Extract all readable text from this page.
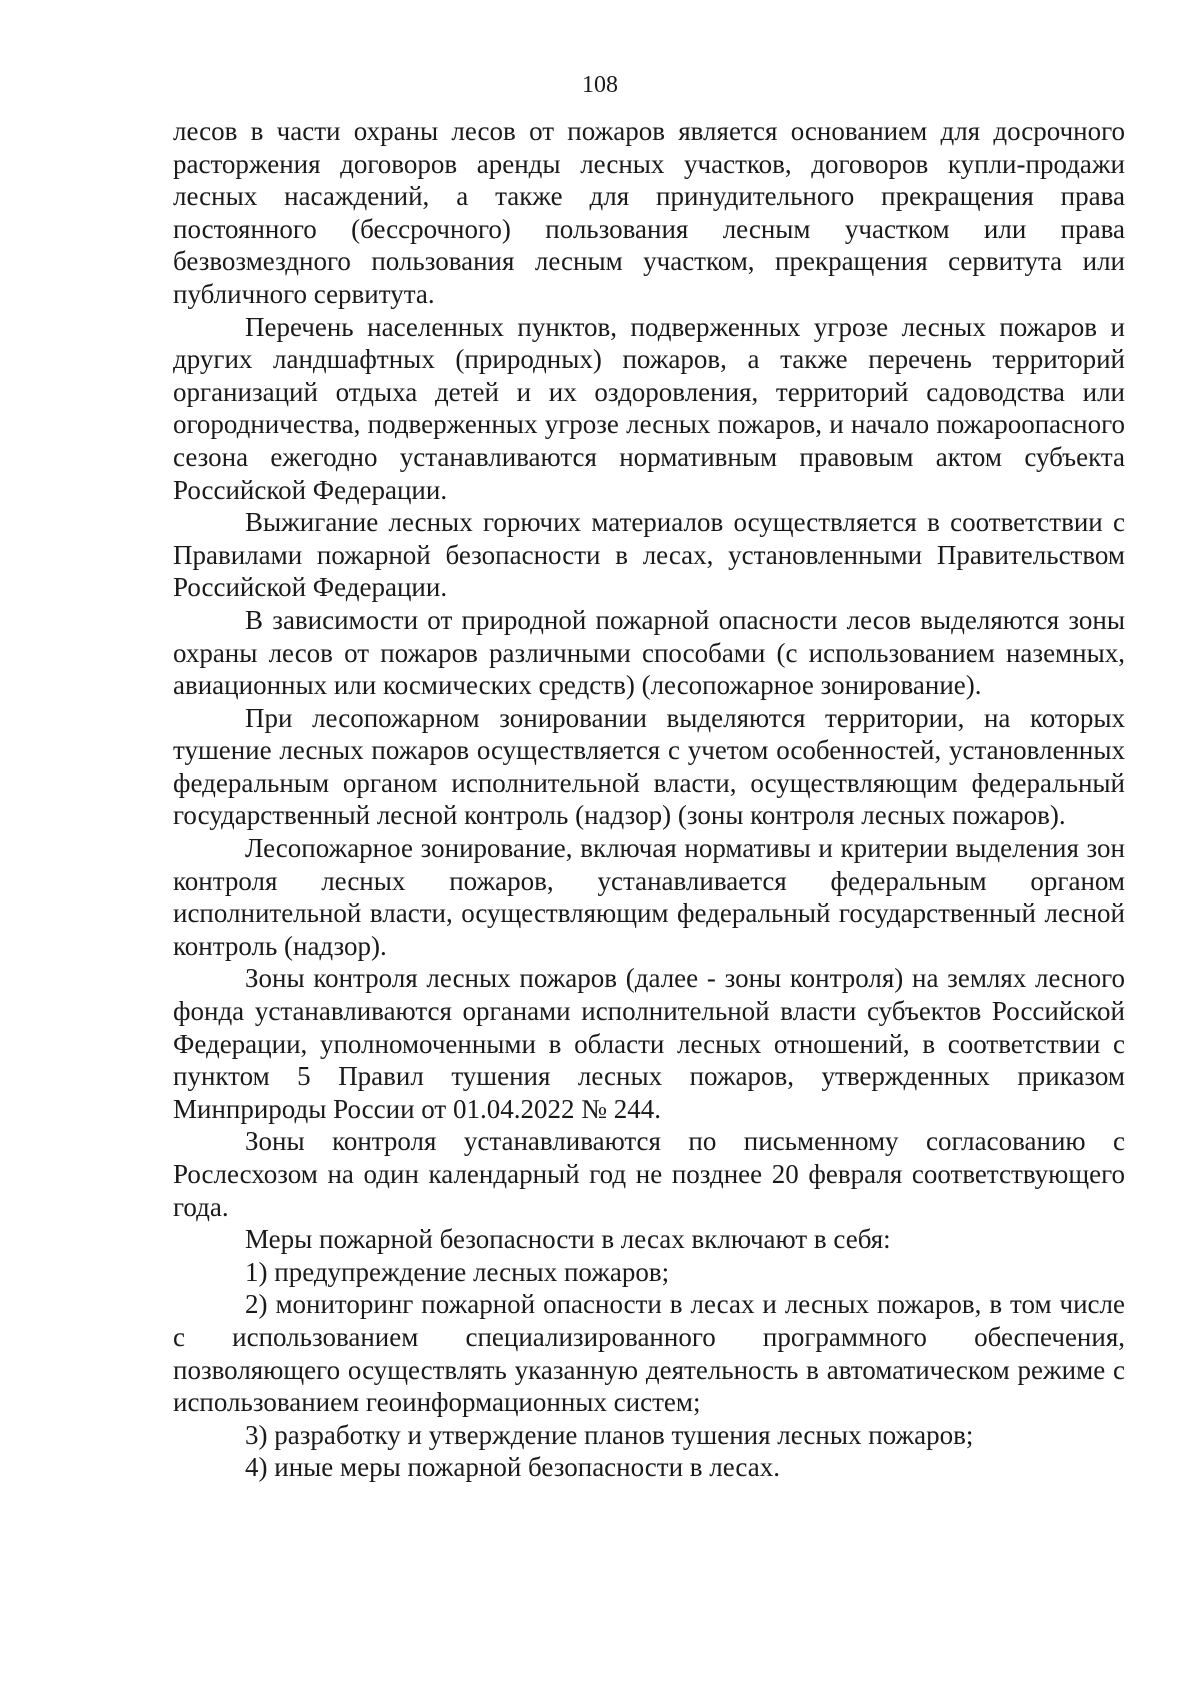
108

лесов в части охраны лесов от пожаров является основанием для досрочного расторжения договоров аренды лесных участков, договоров купли-продажи лесных насаждений, а также для принудительного прекращения права постоянного (бессрочного) пользования лесным участком или права безвозмездного пользования лесным участком, прекращения сервитута или публичного сервитута.

Перечень населенных пунктов, подверженных угрозе лесных пожаров и других ландшафтных (природных) пожаров, а также перечень территорий организаций отдыха детей и их оздоровления, территорий садоводства или огородничества, подверженных угрозе лесных пожаров, и начало пожароопасного сезона ежегодно устанавливаются нормативным правовым актом субъекта Российской Федерации.

Выжигание лесных горючих материалов осуществляется в соответствии с Правилами пожарной безопасности в лесах, установленными Правительством Российской Федерации.

В зависимости от природной пожарной опасности лесов выделяются зоны охраны лесов от пожаров различными способами (с использованием наземных, авиационных или космических средств) (лесопожарное зонирование).

При лесопожарном зонировании выделяются территории, на которых тушение лесных пожаров осуществляется с учетом особенностей, установленных федеральным органом исполнительной власти, осуществляющим федеральный государственный лесной контроль (надзор) (зоны контроля лесных пожаров).

Лесопожарное зонирование, включая нормативы и критерии выделения зон контроля лесных пожаров, устанавливается федеральным органом исполнительной власти, осуществляющим федеральный государственный лесной контроль (надзор).

Зоны контроля лесных пожаров (далее - зоны контроля) на землях лесного фонда устанавливаются органами исполнительной власти субъектов Российской Федерации, уполномоченными в области лесных отношений, в соответствии с пунктом 5 Правил тушения лесных пожаров, утвержденных приказом Минприроды России от 01.04.2022 № 244.

Зоны контроля устанавливаются по письменному согласованию с Рослесхозом на один календарный год не позднее 20 февраля соответствующего года.

Меры пожарной безопасности в лесах включают в себя:

1) предупреждение лесных пожаров;

2) мониторинг пожарной опасности в лесах и лесных пожаров, в том числе с использованием специализированного программного обеспечения, позволяющего осуществлять указанную деятельность в автоматическом режиме с использованием геоинформационных систем;

3) разработку и утверждение планов тушения лесных пожаров;

4) иные меры пожарной безопасности в лесах.
